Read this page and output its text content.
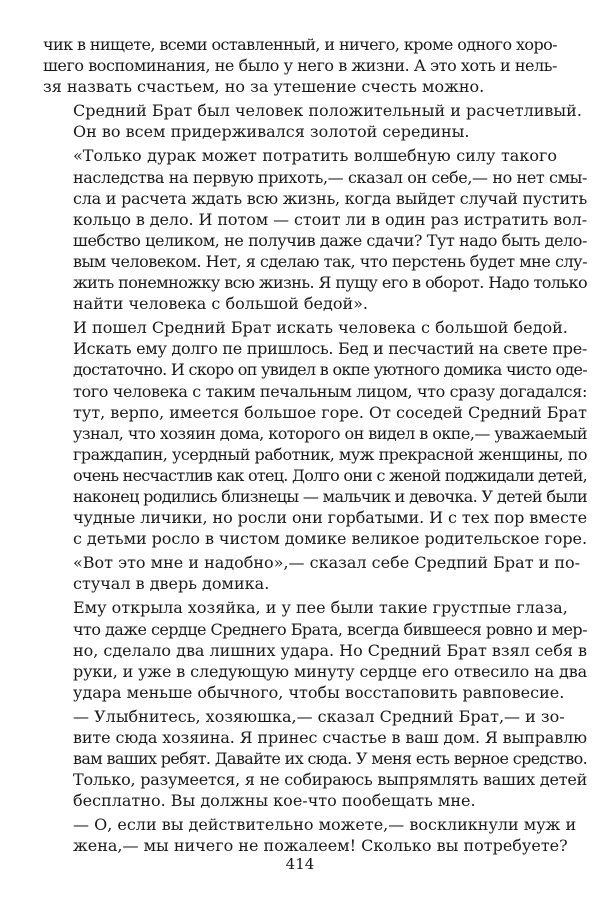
чик в нищете, всеми оставленный, и ничего, кроме одного хоро-
шего воспоминания, не было у него в жизни. А это хоть и нель-
зя назвать счастьем, но за утешение счесть можно.

Средний Брат был человек положительный и расчетливый.
Он во всем придерживался золотой середины.

«Только дурак может потратить волшебную силу такого
наследства на первую прихоть,— сказал он себе,— но нет смы-
сла и расчета ждать всю жизнь, когда выйдет случай пустить
кольцо в дело. И потом — стоит ли в один раз истратить вол-
шебство целиком, не получив даже сдачи? Тут надо быть дело-
вым человеком. Нет, я сделаю так, что перстень будет мне слу-
жить понемножку всю жизнь. Я пущу его в оборот. Надо только
найти человека с большой бедой».

И пошел Средний Брат искать человека с большой бедой.
Искать ему долго пе пришлось. Бед и песчастий на свете пре-
достаточно. И скоро оп увидел в окпе уютного домика чисто оде-
того человека с таким печальным лицом, что сразу догадался:
тут, верпо, имеется большое горе. От соседей Средний Брат
узнал, что хозяин дома, которого он видел в окпе,— уважаемый
граждапин, усердный работник, муж прекрасной женщины, по
очень несчастлив как отец. Долго они с женой поджидали детей,
наконец родились близнецы — мальчик и девочка. У детей были
чудные личики, но росли они горбатыми. И с тех пор вместе
с детьми росло в чистом домике великое родительское горе.

«Вот это мне и надобно»,— сказал себе Средпий Брат и по-
стучал в дверь домика.

Ему открыла хозяйка, и у пее были такие грустпые глаза,
что даже сердце Среднего Брата, всегда бившееся ровно и мер-
но, сделало два лишних удара. Но Средний Брат взял себя в
руки, и уже в следующую минуту сердце его отвесило на два
удара меньше обычного, чтобы восстаповить равповесие.

— Улыбнитесь, хозяюшка,— сказал Средний Брат,— и зо-
вите сюда хозяина. Я принес счастье в ваш дом. Я выправлю
вам ваших ребят. Давайте их сюда. У меня есть верное средство.
Только, разумеется, я не собираюсь выпрямлять ваших детей
бесплатно. Вы должны кое-что пообещать мне.

— О, если вы действительно можете,— воскликнули муж и
жена,— мы ничего не пожалеем! Сколько вы потребуете?

414
